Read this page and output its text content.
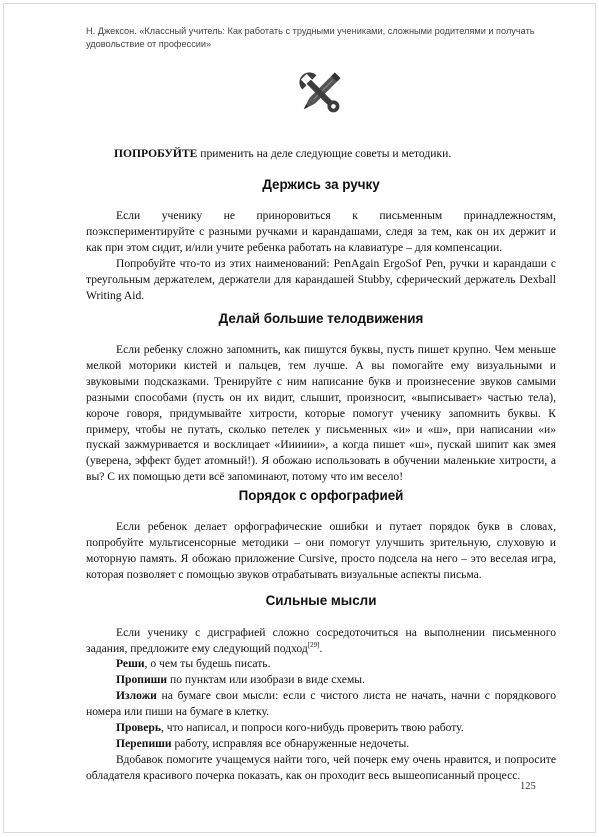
Н. Джексон. «Классный учитель: Как работать с трудными учениками, сложными родителями и получать удовольствие от профессии»

ПОПРОБУЙТЕ применить на деле следующие советы и методики.

Держись за ручку

Если ученику не приноровиться к письменным принадлежностям, поэкспериментируйте с разными ручками и карандашами, следя за тем, как он их держит и как при этом сидит, и/или учите ребенка работать на клавиатуре – для компенсации.

Попробуйте что-то из этих наименований: PenAgain ErgoSof Pen, ручки и карандаши с треугольным держателем, держатели для карандашей Stubby, сферический держатель Dexball Writing Aid.

Делай большие телодвижения

Если ребенку сложно запомнить, как пишутся буквы, пусть пишет крупно. Чем меньше мелкой моторики кистей и пальцев, тем лучше. А вы помогайте ему визуальными и звуковыми подсказками. Тренируйте с ним написание букв и произнесение звуков самыми разными способами (пусть он их видит, слышит, произносит, «выписывает» частью тела), короче говоря, придумывайте хитрости, которые помогут ученику запомнить буквы. К примеру, чтобы не путать, сколько петелек у письменных «и» и «ш», при написании «и» пускай зажмуривается и восклицает «Ииииии», а когда пишет «ш», пускай шипит как змея (уверена, эффект будет атомный!). Я обожаю использовать в обучении маленькие хитрости, а вы? С их помощью дети всё запоминают, потому что им весело!

Порядок с орфографией

Если ребенок делает орфографические ошибки и путает порядок букв в словах, попробуйте мультисенсорные методики – они помогут улучшить зрительную, слуховую и моторную память. Я обожаю приложение Cursive, просто подсела на него – это веселая игра, которая позволяет с помощью звуков отрабатывать визуальные аспекты письма.

Сильные мысли

Если ученику с дисграфией сложно сосредоточиться на выполнении письменного задания, предложите ему следующий подход[29].

Реши, о чем ты будешь писать.

Пропиши по пунктам или изобрази в виде схемы.

Изложи на бумаге свои мысли: если с чистого листа не начать, начни с порядкового номера или пиши на бумаге в клетку.

Проверь, что написал, и попроси кого-нибудь проверить твою работу.

Перепиши работу, исправляя все обнаруженные недочеты.

Вдобавок помогите учащемуся найти того, чей почерк ему очень нравится, и попросите обладателя красивого почерка показать, как он проходит весь вышеописанный процесс.

125
